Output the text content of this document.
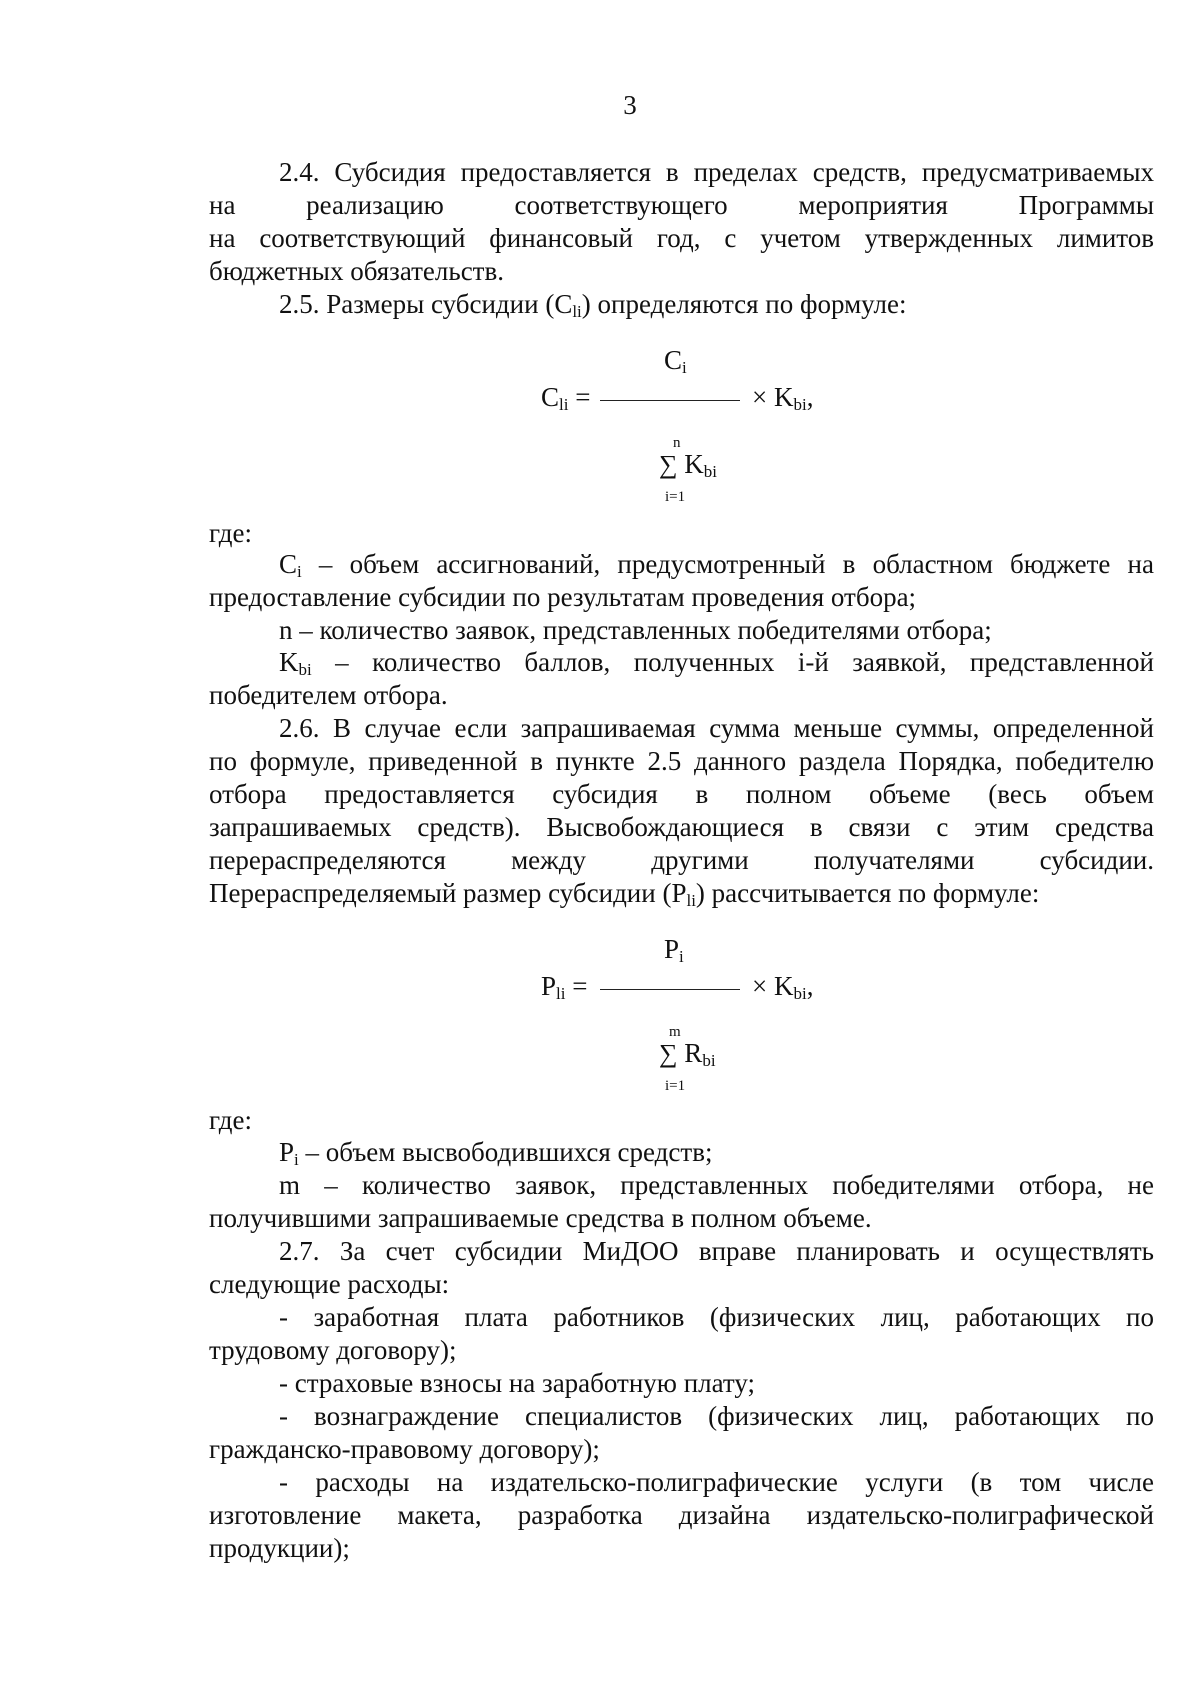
3
2.4. Субсидия предоставляется в пределах средств, предусматриваемых
на реализацию соответствующего мероприятия Программы
на соответствующий финансовый год, с учетом утвержденных лимитов
бюджетных обязательств.
2.5. Размеры субсидии $(C_{li})$ определяются по формуле:
$C_i$
$C_{li}$ =	× $K_{bi}$,
n
∑ $K_{bi}$
i=1
где:
$C_i$ – объем ассигнований, предусмотренный в областном бюджете на
предоставление субсидии по результатам проведения отбора;
n – количество заявок, представленных победителями отбора;
$K_{bi}$ – количество баллов, полученных i-й заявкой, представленной
победителем отбора.
2.6. В случае если запрашиваемая сумма меньше суммы, определенной
по формуле, приведенной в пункте 2.5 данного раздела Порядка, победителю
отбора предоставляется субсидия в полном объеме (весь объем
запрашиваемых средств). Высвобождающиеся в связи с этим средства
перераспределяются между другими получателями субсидии.
Перераспределяемый размер субсидии $(P_{li})$ рассчитывается по формуле:
$P_i$
$P_{li}$ =	× $K_{bi}$,
m
∑ $R_{bi}$
i=1
где:
$P_i$ – объем высвободившихся средств;
m – количество заявок, представленных победителями отбора, не
получившими запрашиваемые средства в полном объеме.
2.7. За счет субсидии МиДОО вправе планировать и осуществлять
следующие расходы:
- заработная плата работников (физических лиц, работающих по
трудовому договору);
- страховые взносы на заработную плату;
- вознаграждение специалистов (физических лиц, работающих по
гражданско-правовому договору);
- расходы на издательско-полиграфические услуги (в том числе
изготовление макета, разработка дизайна издательско-полиграфической
продукции);
